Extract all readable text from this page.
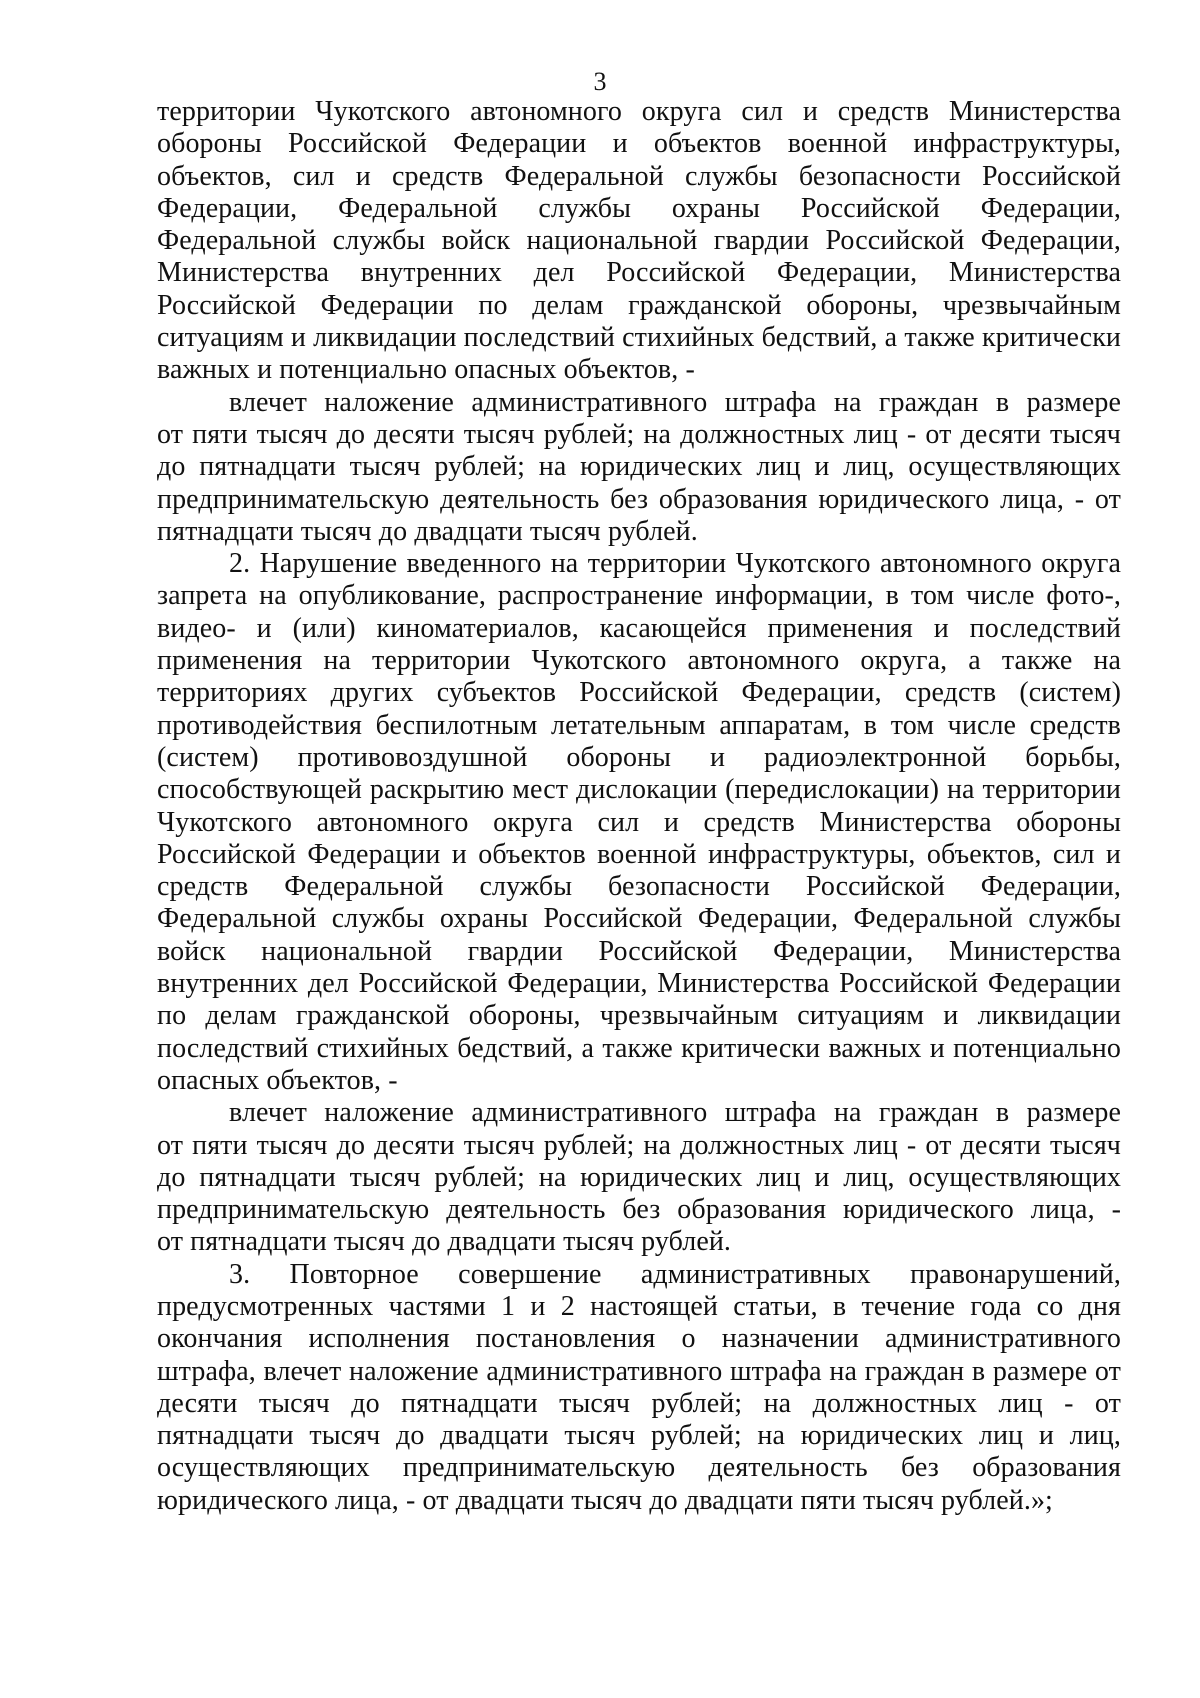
3
территории Чукотского автономного округа сил и средств Министерства
обороны Российской Федерации и объектов военной инфраструктуры,
объектов, сил и средств Федеральной службы безопасности Российской
Федерации, Федеральной службы охраны Российской Федерации,
Федеральной службы войск национальной гвардии Российской Федерации,
Министерства внутренних дел Российской Федерации, Министерства
Российской Федерации по делам гражданской обороны, чрезвычайным
ситуациям и ликвидации последствий стихийных бедствий, а также критически
важных и потенциально опасных объектов, -
влечет наложение административного штрафа на граждан в размере
от пяти тысяч до десяти тысяч рублей; на должностных лиц - от десяти тысяч
до пятнадцати тысяч рублей; на юридических лиц и лиц, осуществляющих
предпринимательскую деятельность без образования юридического лица, - от
пятнадцати тысяч до двадцати тысяч рублей.
2. Нарушение введенного на территории Чукотского автономного округа
запрета на опубликование, распространение информации, в том числе фото-,
видео- и (или) киноматериалов, касающейся применения и последствий
применения на территории Чукотского автономного округа, а также на
территориях других субъектов Российской Федерации, средств (систем)
противодействия беспилотным летательным аппаратам, в том числе средств
(систем) противовоздушной обороны и радиоэлектронной борьбы,
способствующей раскрытию мест дислокации (передислокации) на территории
Чукотского автономного округа сил и средств Министерства обороны
Российской Федерации и объектов военной инфраструктуры, объектов, сил и
средств Федеральной службы безопасности Российской Федерации,
Федеральной службы охраны Российской Федерации, Федеральной службы
войск национальной гвардии Российской Федерации, Министерства
внутренних дел Российской Федерации, Министерства Российской Федерации
по делам гражданской обороны, чрезвычайным ситуациям и ликвидации
последствий стихийных бедствий, а также критически важных и потенциально
опасных объектов, -
влечет наложение административного штрафа на граждан в размере
от пяти тысяч до десяти тысяч рублей; на должностных лиц - от десяти тысяч
до пятнадцати тысяч рублей; на юридических лиц и лиц, осуществляющих
предпринимательскую деятельность без образования юридического лица, -
от пятнадцати тысяч до двадцати тысяч рублей.
3. Повторное совершение административных правонарушений,
предусмотренных частями 1 и 2 настоящей статьи, в течение года со дня
окончания исполнения постановления о назначении административного
штрафа, влечет наложение административного штрафа на граждан в размере от
десяти тысяч до пятнадцати тысяч рублей; на должностных лиц - от
пятнадцати тысяч до двадцати тысяч рублей; на юридических лиц и лиц,
осуществляющих предпринимательскую деятельность без образования
юридического лица, - от двадцати тысяч до двадцати пяти тысяч рублей.»;
